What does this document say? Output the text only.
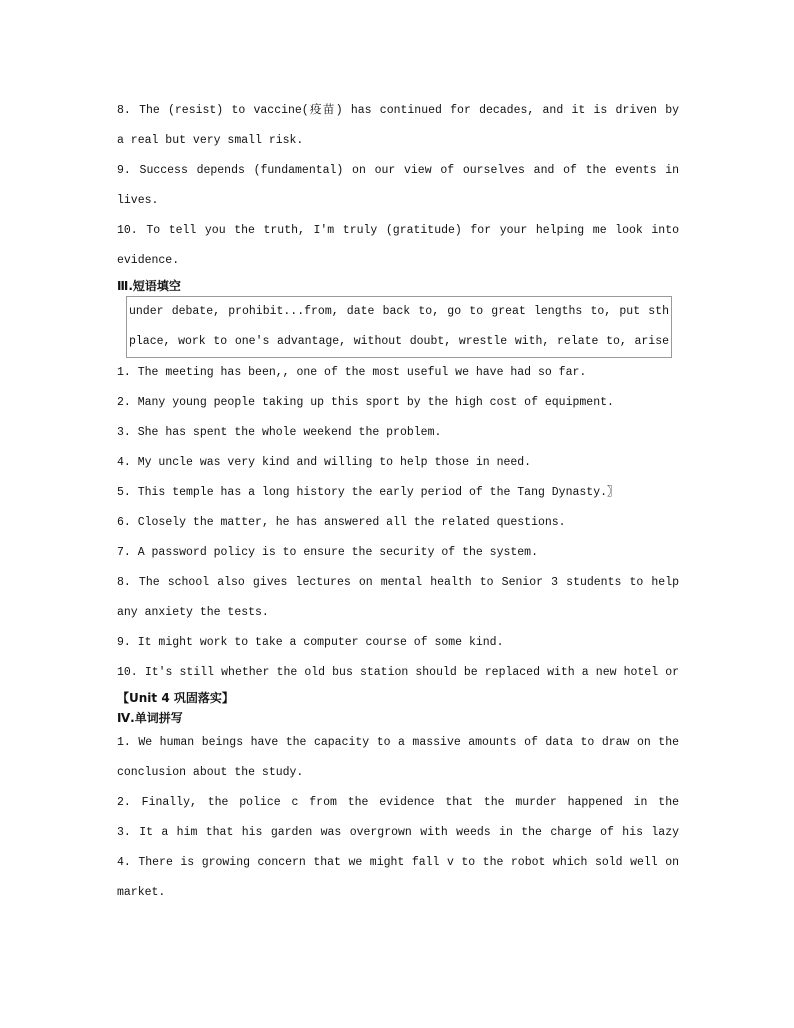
8. The (resist) to vaccine(疫苗) has continued for decades, and it is driven by
a real but very small risk.
9. Success depends (fundamental) on our view of ourselves and of the events in
lives.
10. To tell you the truth, I'm truly (gratitude) for your helping me look into
evidence.
Ⅲ.短语填空
under debate, prohibit...from, date back to, go to great lengths to, put sth
place, work to one's advantage, without doubt, wrestle with, relate to, arise
1. The meeting has been,, one of the most useful we have had so far.
2. Many young people taking up this sport by the high cost of equipment.
3. She has spent the whole weekend the problem.
4. My uncle was very kind and willing to help those in need.
5. This temple has a long history the early period of the Tang Dynasty.〗
6. Closely the matter, he has answered all the related questions.
7. A password policy is to ensure the security of the system.
8. The school also gives lectures on mental health to Senior 3 students to help
any anxiety the tests.
9. It might work to take a computer course of some kind.
10. It's still whether the old bus station should be replaced with a new hotel or
【Unit 4 巩固落实】
Ⅳ.单词拼写
1. We human beings have the capacity to a massive amounts of data to draw on the
conclusion about the study.
2. Finally, the police c from the evidence that the murder happened in the
3. It a him that his garden was overgrown with weeds in the charge of his lazy
4. There is growing concern that we might fall v to the robot which sold well on
market.
